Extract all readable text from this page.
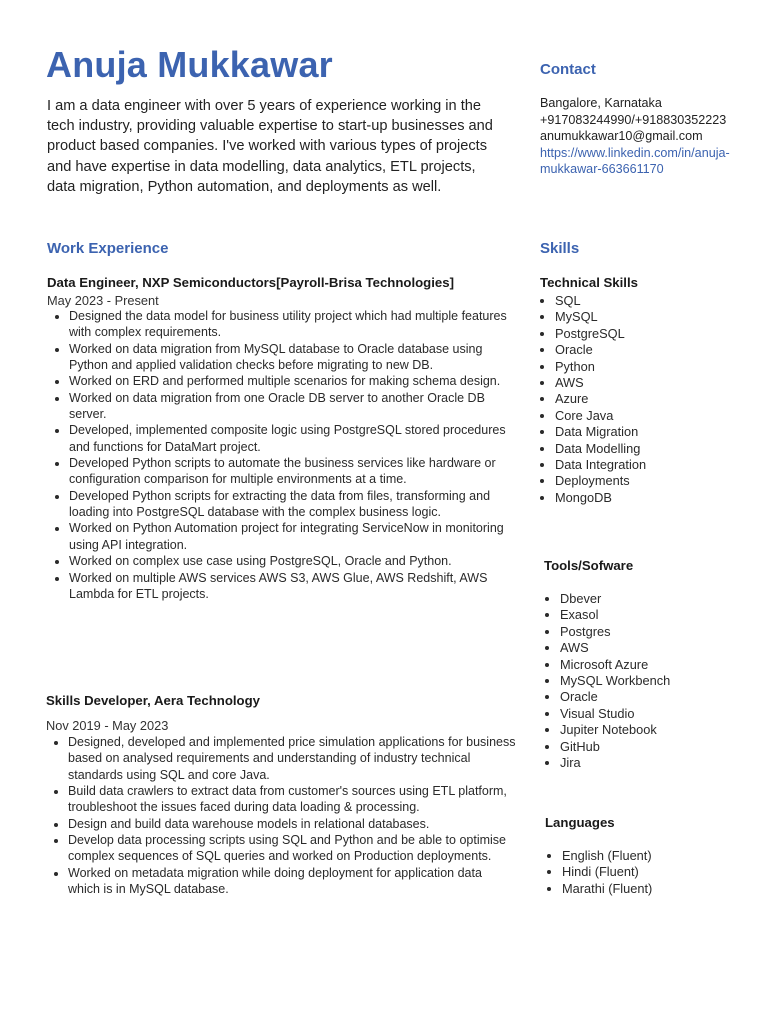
Anuja Mukkawar

I am a data engineer with over 5 years of experience working in the tech industry, providing valuable expertise to start-up businesses and product based companies. I've worked with various types of projects and have expertise in data modelling, data analytics, ETL projects, data migration, Python automation, and deployments as well.

Contact

Bangalore, Karnataka

+917083244990/+918830352223

anumukkawar10@gmail.com

https://www.linkedin.com/in/anuja-
mukkawar-663661170

Work Experience
Data Engineer, NXP Semiconductors[Payroll-Brisa Technologies]

May 2023 - Present

• Designed the data model for business utility project which had multiple features with complex requirements.
• Worked on data migration from MySQL database to Oracle database using Python and applied validation checks before migrating to new DB.
• Worked on ERD and performed multiple scenarios for making schema design.
• Worked on data migration from one Oracle DB server to another Oracle DB server.
• Developed, implemented composite logic using PostgreSQL stored procedures and functions for DataMart project.
• Developed Python scripts to automate the business services like hardware or configuration comparison for multiple environments at a time.
• Developed Python scripts for extracting the data from files, transforming and loading into PostgreSQL database with the complex business logic.
• Worked on Python Automation project for integrating ServiceNow in monitoring using API integration.
• Worked on complex use case using PostgreSQL, Oracle and Python.
• Worked on multiple AWS services AWS S3, AWS Glue, AWS Redshift, AWS Lambda for ETL projects.
Skills Developer, Aera Technology

Nov 2019 - May 2023

• Designed, developed and implemented price simulation applications for business based on analysed requirements and understanding of industry technical standards using SQL and core Java.
• Build data crawlers to extract data from customer's sources using ETL platform, troubleshoot the issues faced during data loading & processing.
• Design and build data warehouse models in relational databases.
• Develop data processing scripts using SQL and Python and be able to optimise complex sequences of SQL queries and worked on Production deployments.
• Worked on metadata migration while doing deployment for application data which is in MySQL database.
Skills
Technical Skills
• SQL
• MySQL
• PostgreSQL
• Oracle
• Python
• AWS
• Azure
• Core Java
• Data Migration
• Data Modelling
• Data Integration
• Deployments
• MongoDB
Tools/Sofware
• Dbever
• Exasol
• Postgres
• AWS
• Microsoft Azure
• MySQL Workbench
• Oracle
• Visual Studio
• Jupiter Notebook
• GitHub
• Jira
Languages
• English (Fluent)
• Hindi (Fluent)
• Marathi (Fluent)
